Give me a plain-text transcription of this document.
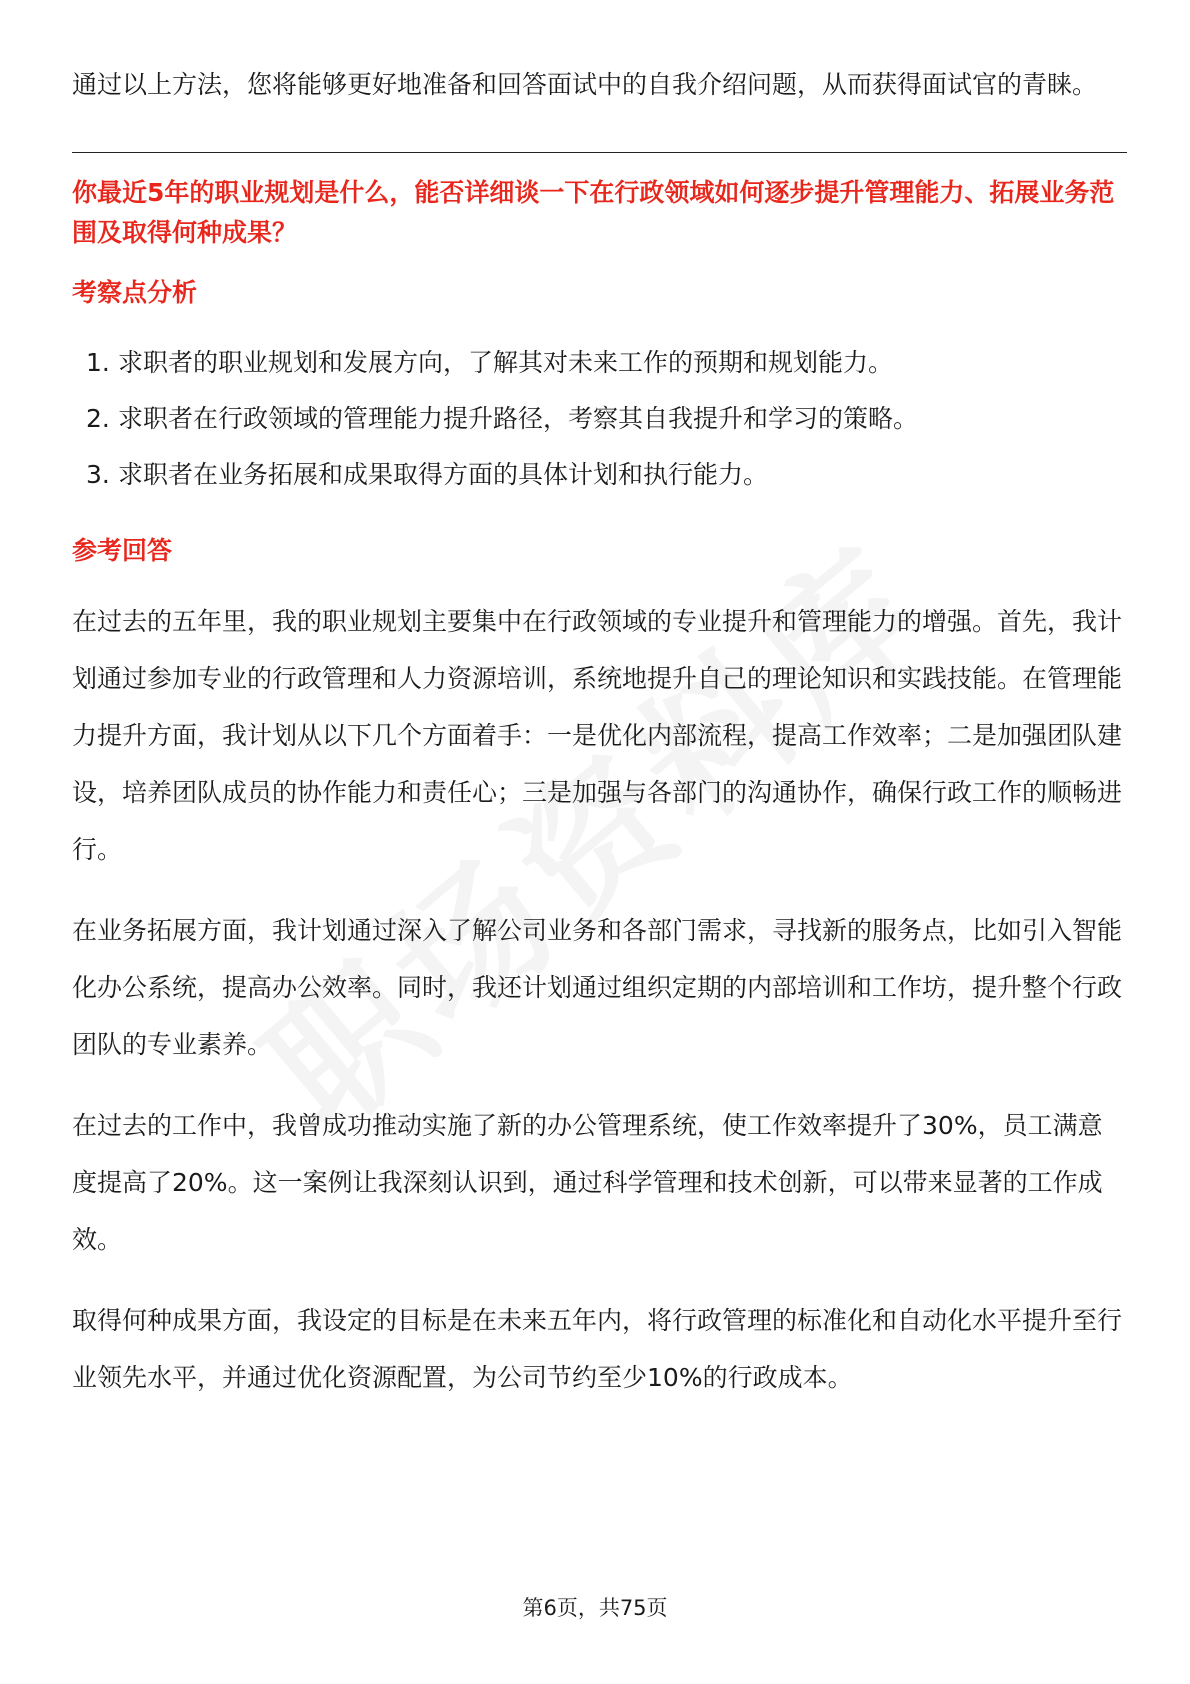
通过以上方法，您将能够更好地准备和回答面试中的自我介绍问题，从而获得面试官的青睐。

你最近5年的职业规划是什么，能否详细谈一下在行政领域如何逐步提升管理能力、拓展业务范围及取得何种成果？

考察点分析

1. 求职者的职业规划和发展方向，了解其对未来工作的预期和规划能力。
2. 求职者在行政领域的管理能力提升路径，考察其自我提升和学习的策略。
3. 求职者在业务拓展和成果取得方面的具体计划和执行能力。

参考回答

在过去的五年里，我的职业规划主要集中在行政领域的专业提升和管理能力的增强。首先，我计划通过参加专业的行政管理和人力资源培训，系统地提升自己的理论知识和实践技能。在管理能力提升方面，我计划从以下几个方面着手：一是优化内部流程，提高工作效率；二是加强团队建设，培养团队成员的协作能力和责任心；三是加强与各部门的沟通协作，确保行政工作的顺畅进行。

在业务拓展方面，我计划通过深入了解公司业务和各部门需求，寻找新的服务点，比如引入智能化办公系统，提高办公效率。同时，我还计划通过组织定期的内部培训和工作坊，提升整个行政团队的专业素养。

在过去的工作中，我曾成功推动实施了新的办公管理系统，使工作效率提升了30%，员工满意度提高了20%。这一案例让我深刻认识到，通过科学管理和技术创新，可以带来显著的工作成效。

取得何种成果方面，我设定的目标是在未来五年内，将行政管理的标准化和自动化水平提升至行业领先水平，并通过优化资源配置，为公司节约至少10%的行政成本。

第6页，共75页
